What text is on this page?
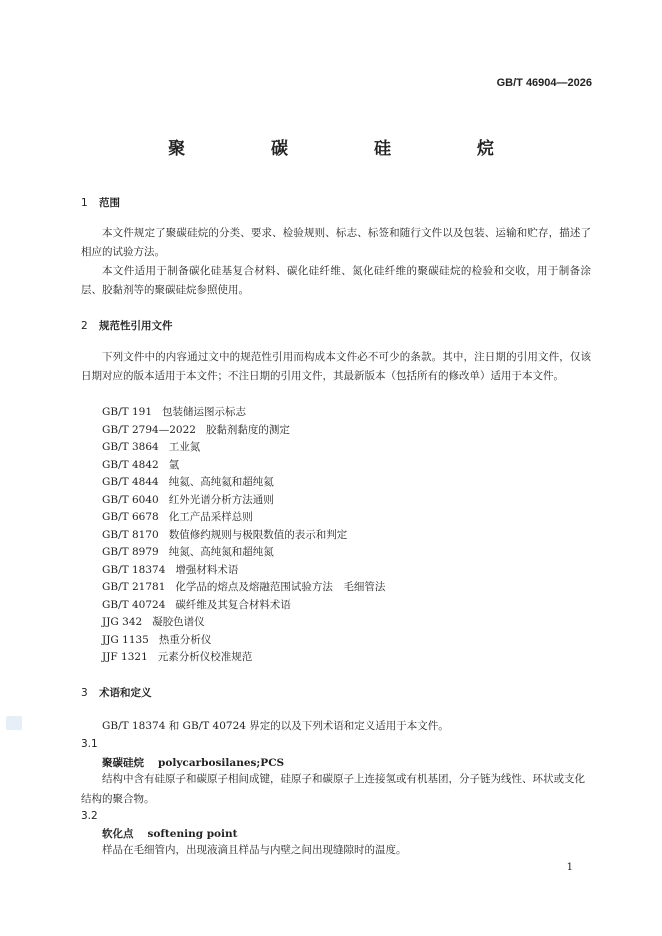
GB/T 46904—2026
聚 碳 硅 烷
1 范围
本文件规定了聚碳硅烷的分类、要求、检验规则、标志、标签和随行文件以及包装、运输和贮存，描述了相应的试验方法。
本文件适用于制备碳化硅基复合材料、碳化硅纤维、氮化硅纤维的聚碳硅烷的检验和交收，用于制备涂层、胶黏剂等的聚碳硅烷参照使用。
2 规范性引用文件
下列文件中的内容通过文中的规范性引用而构成本文件必不可少的条款。其中，注日期的引用文件，仅该日期对应的版本适用于本文件；不注日期的引用文件，其最新版本（包括所有的修改单）适用于本文件。
GB/T 191 包装储运图示标志
GB/T 2794—2022 胶黏剂黏度的测定
GB/T 3864 工业氮
GB/T 4842 氩
GB/T 4844 纯氦、高纯氦和超纯氦
GB/T 6040 红外光谱分析方法通则
GB/T 6678 化工产品采样总则
GB/T 8170 数值修约规则与极限数值的表示和判定
GB/T 8979 纯氮、高纯氮和超纯氮
GB/T 18374 增强材料术语
GB/T 21781 化学品的熔点及熔融范围试验方法　毛细管法
GB/T 40724 碳纤维及其复合材料术语
JJG 342 凝胶色谱仪
JJG 1135 热重分析仪
JJF 1321 元素分析仪校准规范
3 术语和定义
GB/T 18374 和 GB/T 40724 界定的以及下列术语和定义适用于本文件。
3.1
聚碳硅烷 polycarbosilanes;PCS
结构中含有硅原子和碳原子相间成键，硅原子和碳原子上连接氢或有机基团，分子链为线性、环状或支化结构的聚合物。
3.2
软化点 softening point
样品在毛细管内，出现液滴且样品与内壁之间出现缝隙时的温度。
1
